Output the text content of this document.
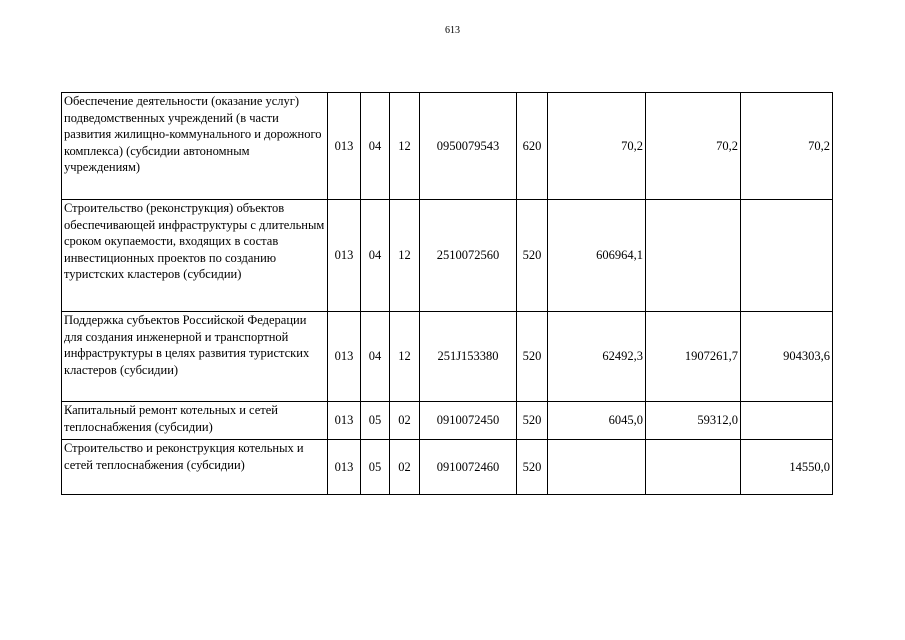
613
Обеспечение деятельности (оказание услуг) подведомственных учреждений (в части развития жилищно-коммунального и дорожного комплекса) (субсидии автономным учреждениям)	013	04	12	0950079543	620	70,2	70,2	70,2
Строительство (реконструкция) объектов обеспечивающей инфраструктуры с длительным сроком окупаемости, входящих в состав инвестиционных проектов по созданию туристских кластеров (субсидии)	013	04	12	2510072560	520	606964,1		
Поддержка субъектов Российской Федерации для создания инженерной и транспортной инфраструктуры в целях развития туристских кластеров (субсидии)	013	04	12	251J153380	520	62492,3	1907261,7	904303,6
Капитальный ремонт котельных и сетей теплоснабжения (субсидии)	013	05	02	0910072450	520	6045,0	59312,0	
Строительство и реконструкция котельных и сетей теплоснабжения (субсидии)	013	05	02	0910072460	520			14550,0
